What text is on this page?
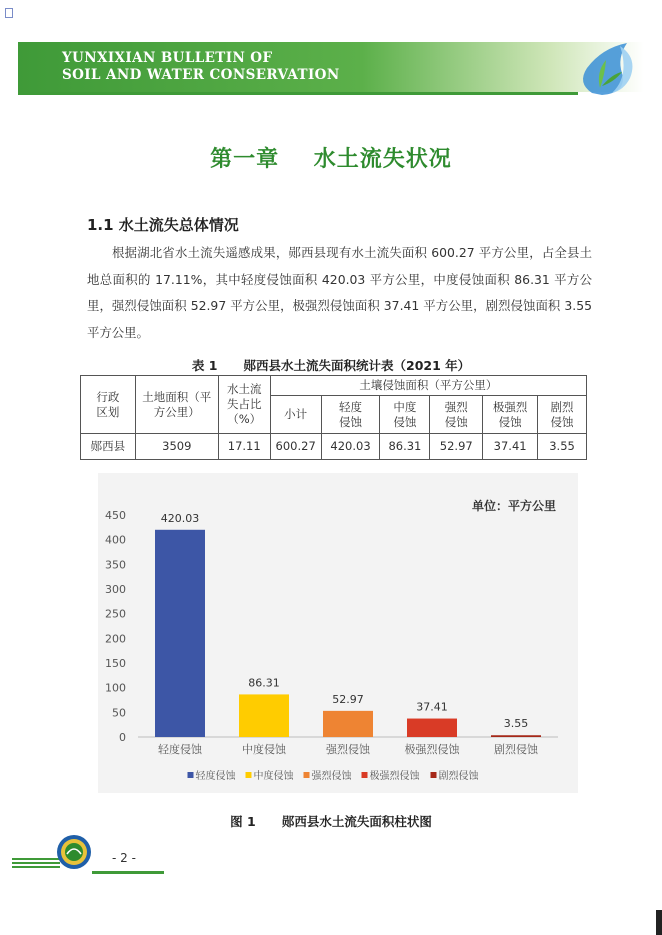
YUNXIXIAN BULLETIN OF
SOIL AND WATER CONSERVATION
第一章    水土流失状况
1.1 水土流失总体情况
根据湖北省水土流失遥感成果，郧西县现有水土流失面积 600.27 平方公里，占全县土地总面积的 17.11%，其中轻度侵蚀面积 420.03 平方公里，中度侵蚀面积 86.31 平方公里，强烈侵蚀面积 52.97 平方公里，极强烈侵蚀面积 37.41 平方公里，剧烈侵蚀面积 3.55 平方公里。
表 1      郧西县水土流失面积统计表（2021 年）
行政区划	土地面积（平方公里）	水土流失占比（%）	土壤侵蚀面积（平方公里）					
			小计	轻度侵蚀	中度侵蚀	强烈侵蚀	极强烈侵蚀	剧烈侵蚀

郧西县	3509	17.11	600.27	420.03	86.31	52.97	37.41	3.55
0
50
100
150
200
250
300
350
400
450	420.03
轻度侵蚀
86.31
中度侵蚀
52.97
强烈侵蚀
37.41
极强烈侵蚀
3.55
剧烈侵蚀
单位：平方公里
轻度侵蚀 中度侵蚀 强烈侵蚀 极强烈侵蚀 剧烈侵蚀
图 1      郧西县水土流失面积柱状图
- 2 -
